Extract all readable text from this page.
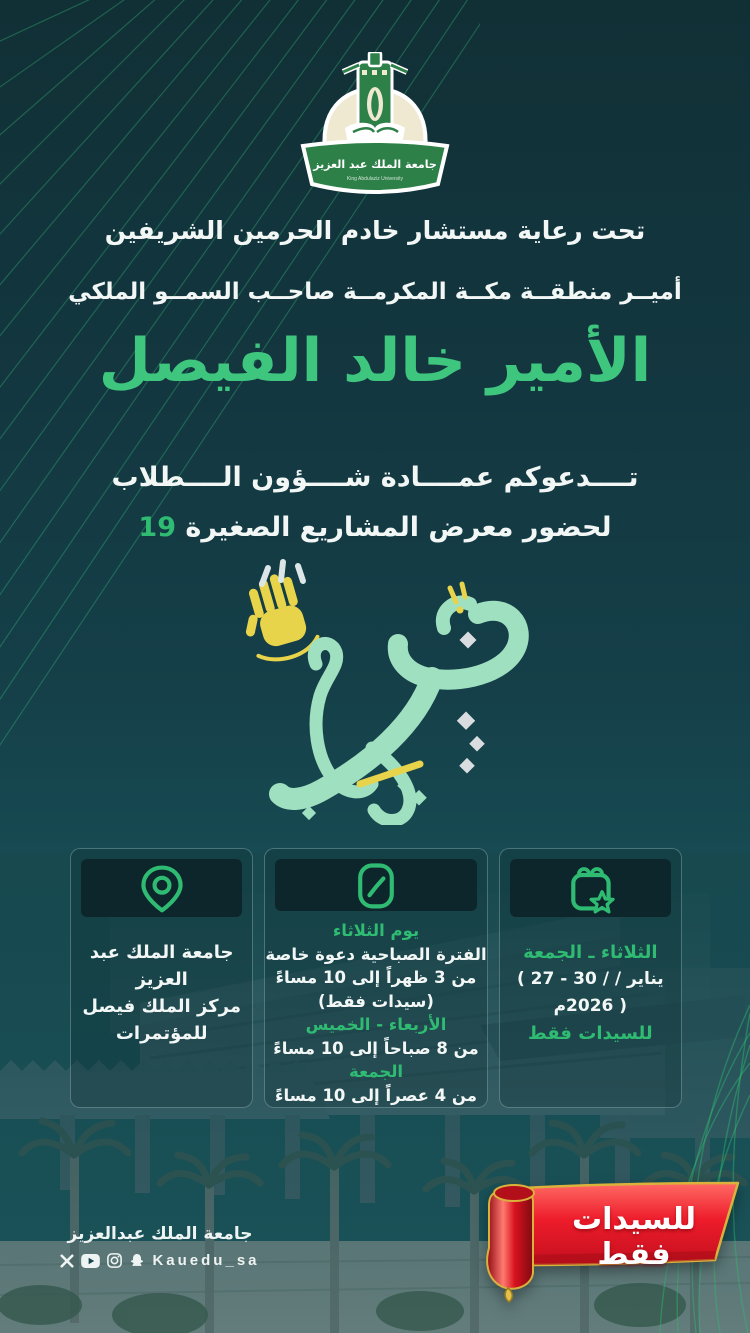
جامعة الملك عبد العزيز
King Abdulaziz University
تحت رعاية مستشار خادم الحرمين الشريفين
أميــر منطقــة مكــة المكرمــة صاحــب السمــو الملكي
الأمير خالد الفيصل
تــــدعوكم عمــــادة شــــؤون الــــطلاب
لحضور معرض المشاريع الصغيرة 19
الثلاثاء ـ الجمعة
( 27 - 30 / يناير / 2026م )
للسيدات فقط
يوم الثلاثاء
الفترة الصباحية دعوة خاصة
من 3 ظهراً إلى 10 مساءً
(سيدات فقط)
الأربعاء - الخميس
من 8 صباحاً إلى 10 مساءً
الجمعة
من 4 عصراً إلى 10 مساءً
جامعة الملك عبد العزيز
مركز الملك فيصل للمؤتمرات
للسيدات فقط
جامعة الملك عبدالعزيز
Kauedu_sa
